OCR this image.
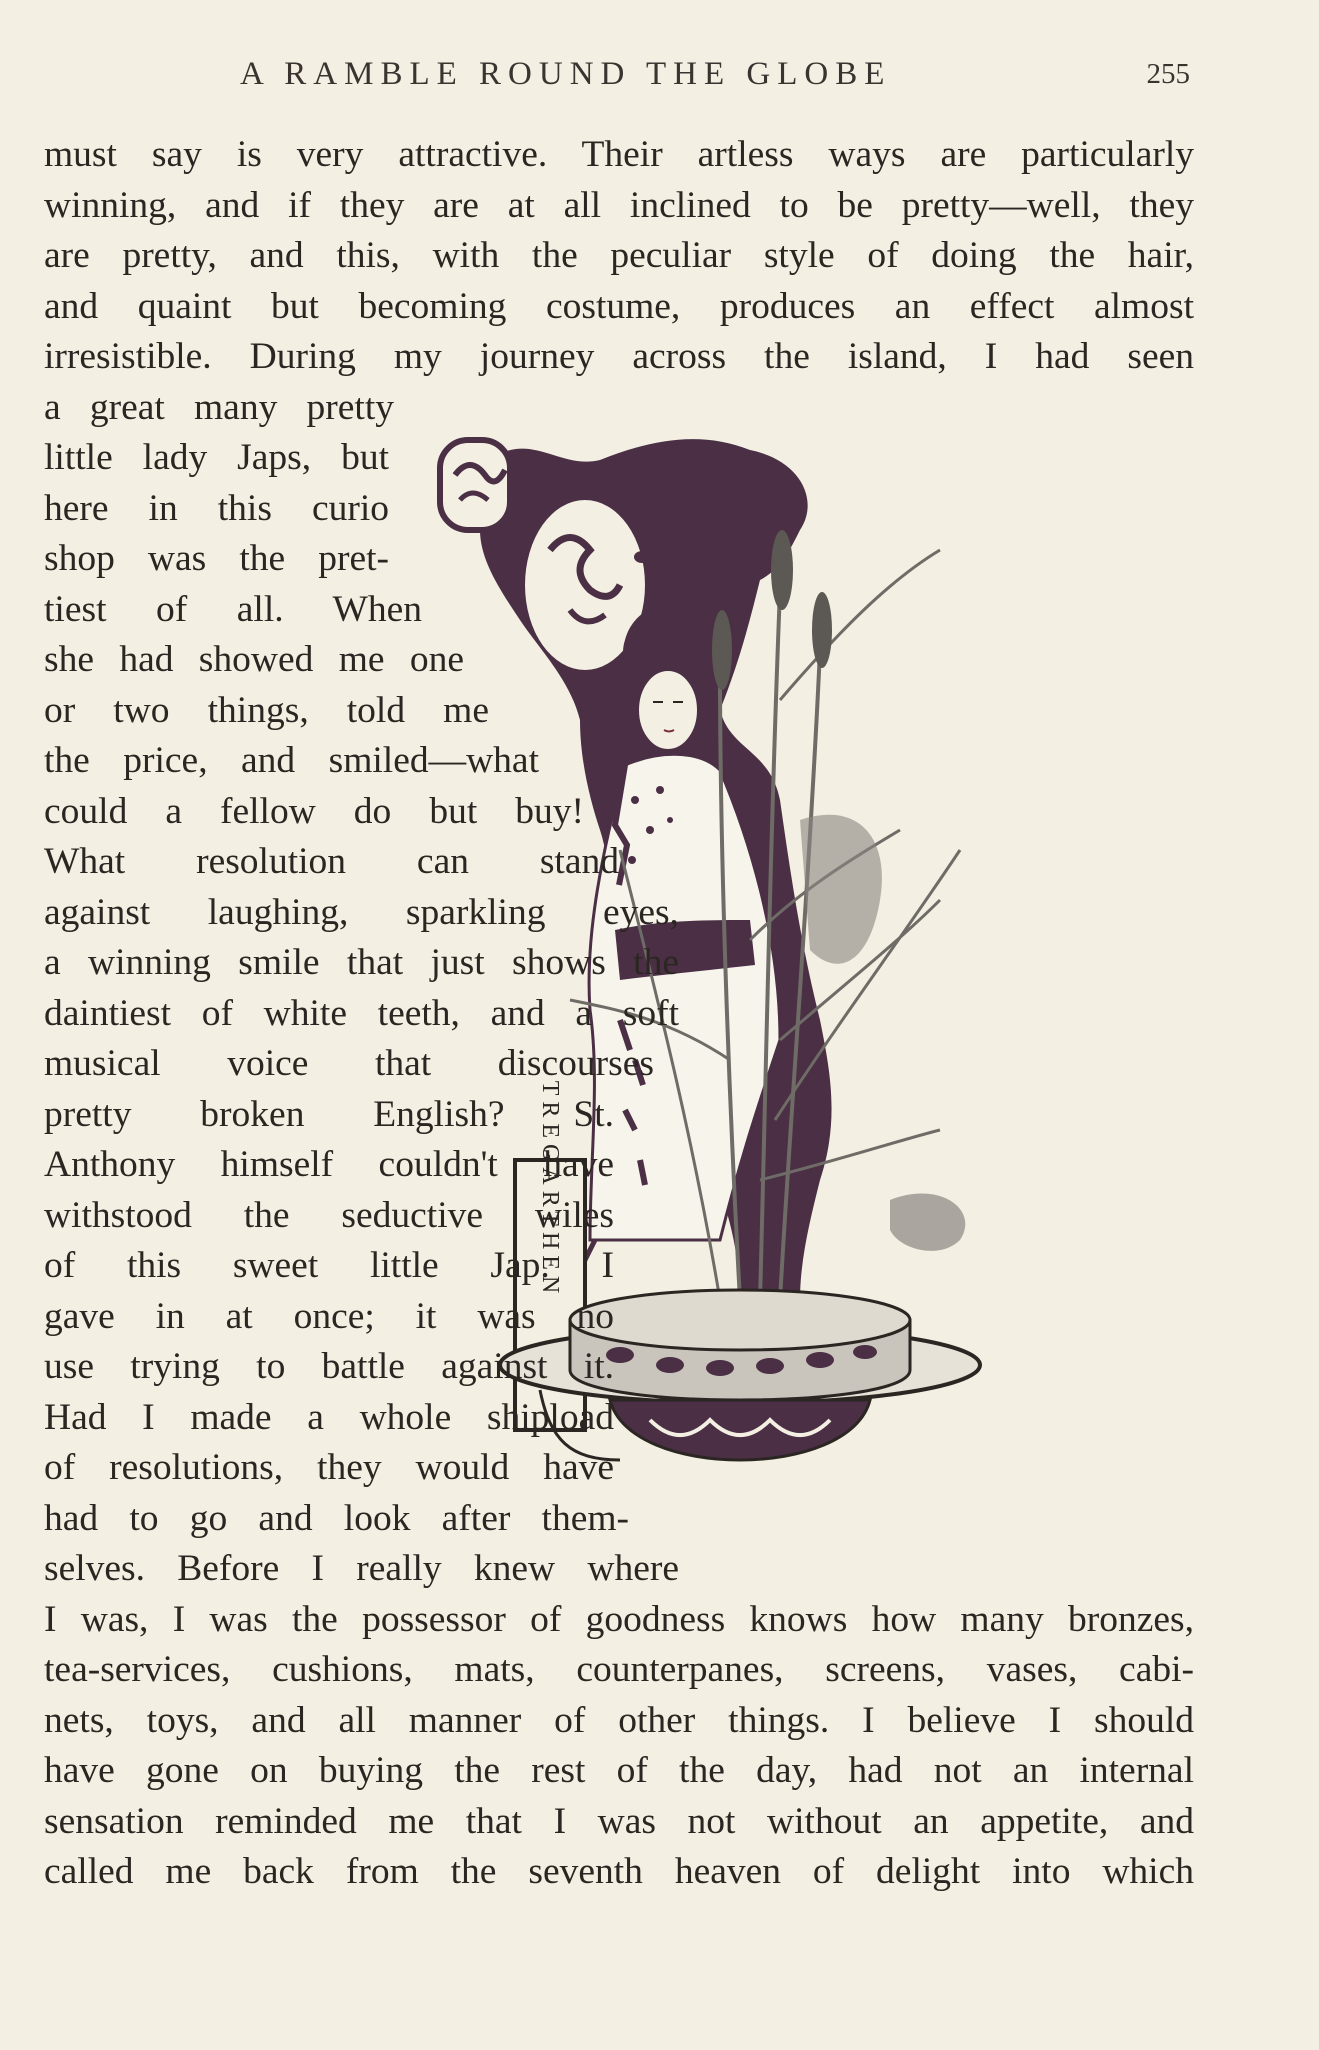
A RAMBLE ROUND THE GLOBE	255
TREGARTHEN
must say is very attractive. Their artless ways are particularly
winning, and if they are at all inclined to be pretty—well, they
are pretty, and this, with the peculiar style of doing the hair,
and quaint but becoming costume, produces an effect almost
irresistible. During my journey across the island, I had seen
a great many pretty
little lady Japs, but
here in this curio
shop was the pret-
tiest of all. When
she had showed me one
or two things, told me
the price, and smiled—what
could a fellow do but buy!
What resolution can stand
against laughing, sparkling eyes,
a winning smile that just shows the
daintiest of white teeth, and a soft
musical voice that discourses
pretty broken English? St.
Anthony himself couldn't have
withstood the seductive wiles
of this sweet little Jap. I
gave in at once; it was no
use trying to battle against it.
Had I made a whole shipload
of resolutions, they would have
had to go and look after them-
selves. Before I really knew where
I was, I was the possessor of goodness knows how many bronzes,
tea-services, cushions, mats, counterpanes, screens, vases, cabi-
nets, toys, and all manner of other things. I believe I should
have gone on buying the rest of the day, had not an internal
sensation reminded me that I was not without an appetite, and
called me back from the seventh heaven of delight into which
